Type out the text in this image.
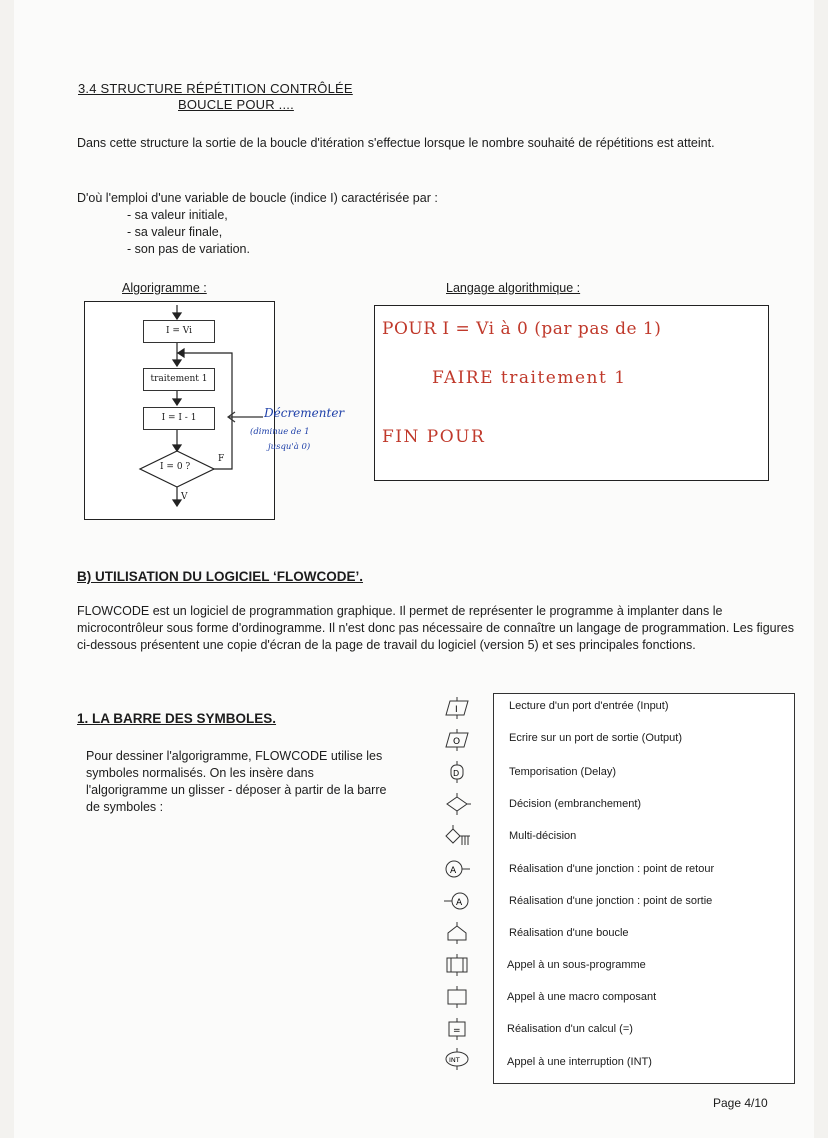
3.4 STRUCTURE RÉPÉTITION CONTRÔLÉE
BOUCLE POUR ....
Dans cette structure la sortie de la boucle d'itération s'effectue lorsque le nombre souhaité de répétitions est atteint.
D'où l'emploi d'une variable de boucle (indice I) caractérisée par :
- sa valeur initiale,
- sa valeur finale,
- son pas de variation.
Algorigramme :	Langage algorithmique :
I = Vi
traitement 1
I = I - 1
I = 0 ?
F
V
Décrementer
(diminue de 1
jusqu'à 0)
POUR I = Vi à 0 (par pas de 1)
FAIRE traitement 1
FIN POUR
B) UTILISATION DU LOGICIEL ‘FLOWCODE’.
FLOWCODE est un logiciel de programmation graphique. Il permet de représenter le programme à implanter dans le microcontrôleur sous forme d'ordinogramme. Il n'est donc pas nécessaire de connaître un langage de programmation. Les figures ci-dessous présentent une copie d'écran de la page de travail du logiciel (version 5) et ses principales fonctions.
1. LA BARRE DES SYMBOLES.
Pour dessiner l'algorigramme, FLOWCODE utilise les symboles normalisés. On les insère dans l'algorigramme un glisser - déposer à partir de la barre de symboles :
I
O
D
A
A
=
INT
Lecture d'un port d'entrée (Input)
Ecrire sur un port de sortie (Output)
Temporisation (Delay)
Décision (embranchement)
Multi-décision
Réalisation d'une jonction : point de retour
Réalisation d'une jonction : point de sortie
Réalisation d'une boucle
Appel à un sous-programme
Appel à une macro composant
Réalisation d'un calcul (=)
Appel à une interruption (INT)
Page 4/10
